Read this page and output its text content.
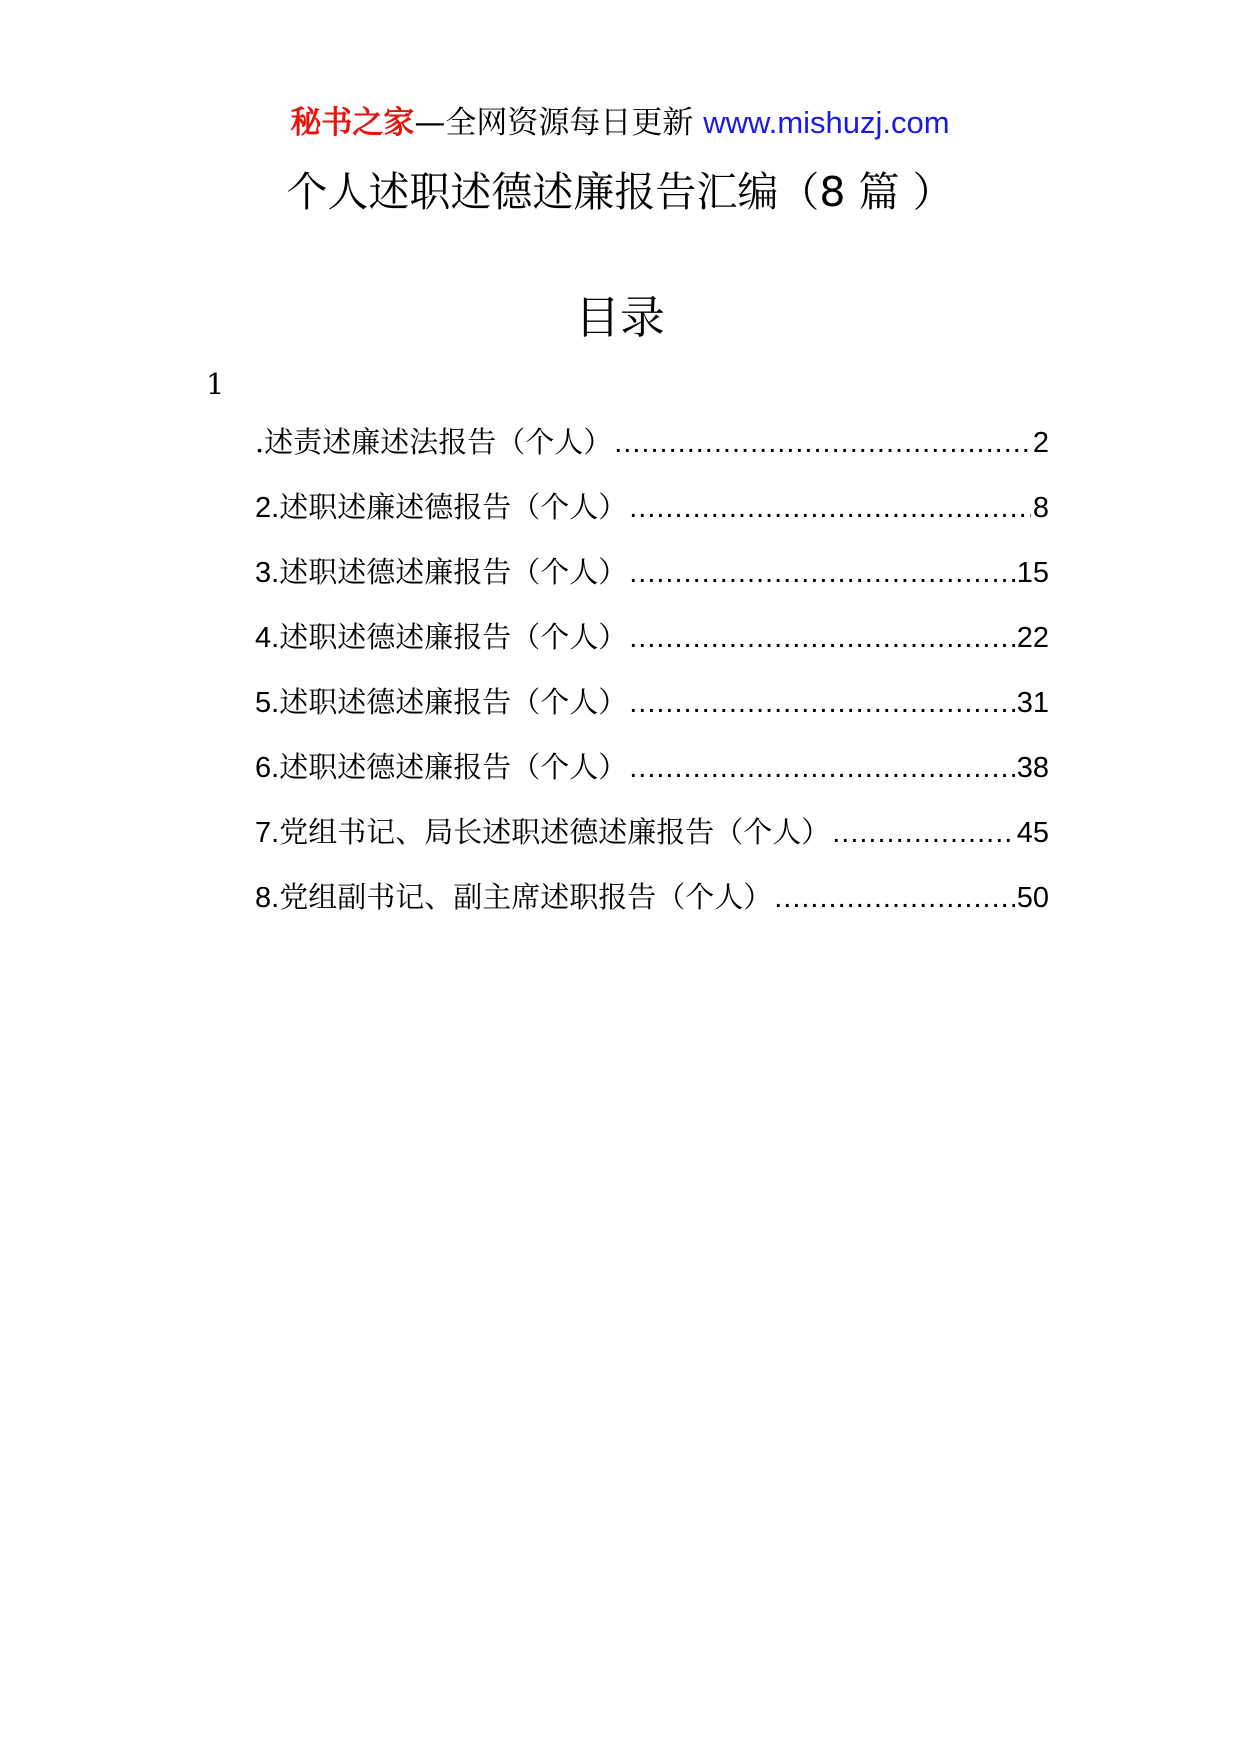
秘书之家—全网资源每日更新 www.mishuzj.com
个人述职述德述廉报告汇编（8 篇 ）
目录
1
.述责述廉述法报告（个人） .....	2
2.述职述廉述德报告（个人） .....	8
3.述职述德述廉报告（个人） .....	15
4.述职述德述廉报告（个人） .....	22
5.述职述德述廉报告（个人） .....	31
6.述职述德述廉报告（个人） .....	38
7.党组书记、局长述职述德述廉报告（个人） .....	45
8.党组副书记、副主席述职报告（个人） .....	50
